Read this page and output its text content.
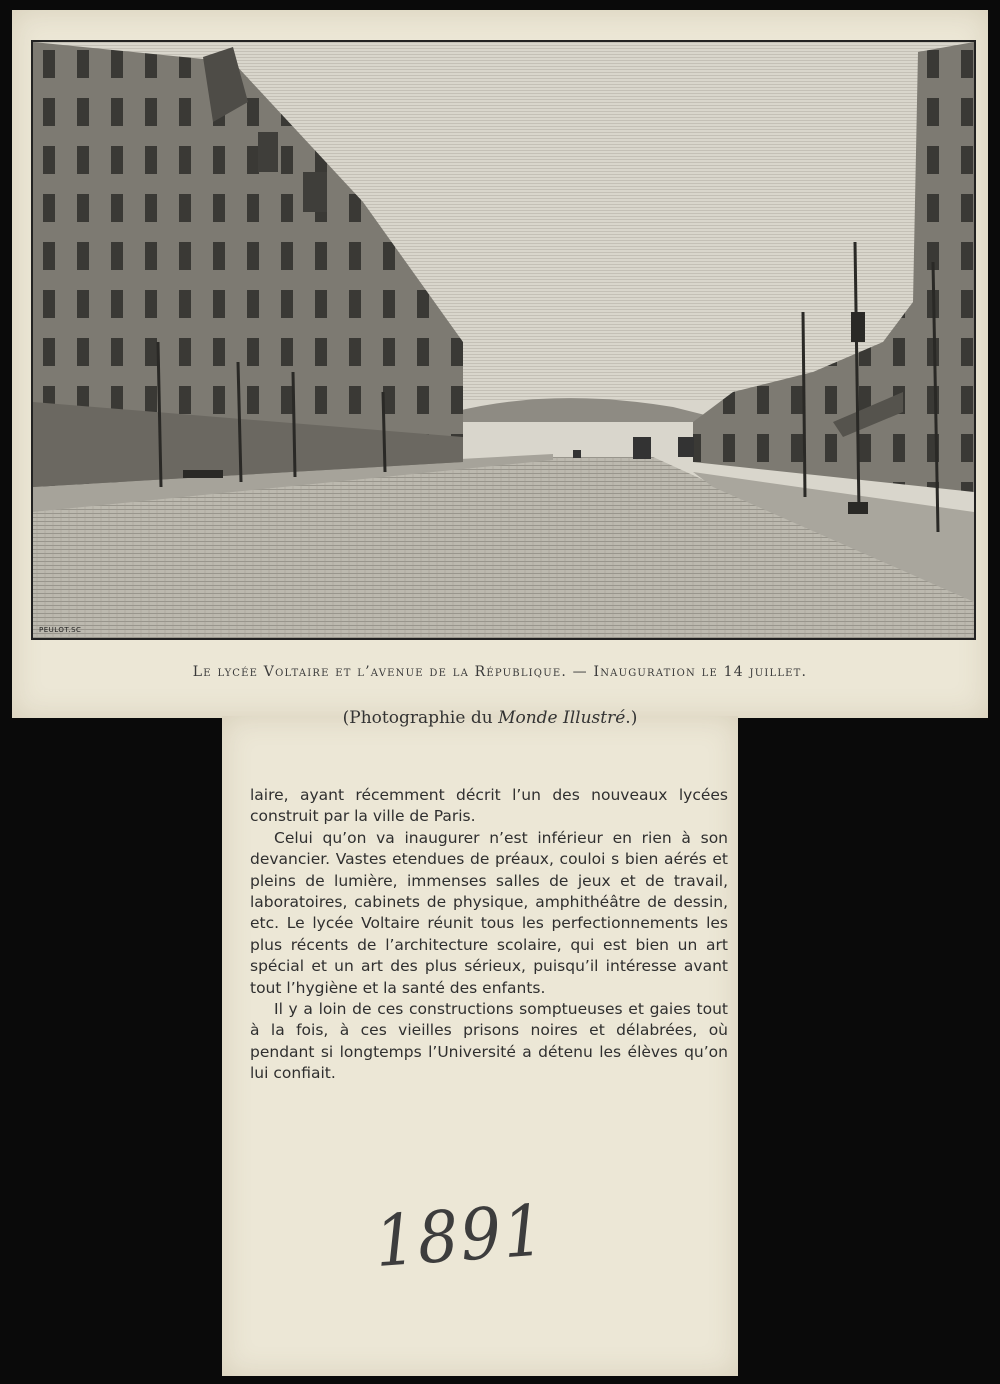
PEULOT.SC
Le lycée Voltaire et l’avenue de la République. — Inauguration le 14 juillet.
(Photographie du Monde Illustré.)

laire, ayant récemment décrit l’un des nouveaux lycées construit par la ville de Paris.

Celui qu’on va inaugurer n’est inférieur en rien à son devancier. Vastes etendues de préaux, couloi s bien aérés et pleins de lumière, immenses salles de jeux et de travail, laboratoires, cabinets de physique, amphithéâtre de dessin, etc. Le lycée Voltaire réunit tous les perfectionnements les plus récents de l’architecture scolaire, qui est bien un art spécial et un art des plus sérieux, puisqu’il intéresse avant tout l’hygiène et la santé des enfants.

Il y a loin de ces constructions somptueuses et gaies tout à la fois, à ces vieilles prisons noires et délabrées, où pendant si longtemps l’Université a détenu les élèves qu’on lui confiait.

1891
